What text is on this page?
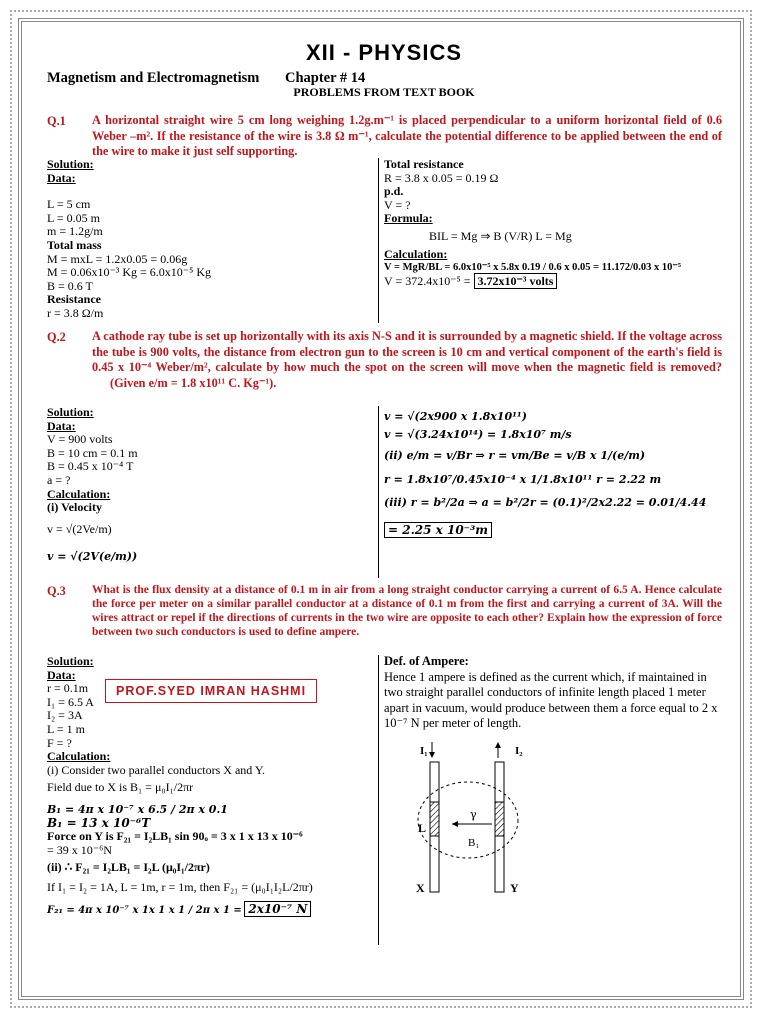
XII - PHYSICS
Magnetism and Electromagnetism Chapter # 14
PROBLEMS FROM TEXT BOOK
Q.1 A horizontal straight wire 5 cm long weighing 1.2g.m⁻¹ is placed perpendicular to a uniform horizontal field of 0.6 Weber –m². If the resistance of the wire is 3.8 Ω m⁻¹, calculate the potential difference to be applied between the end of the wire to make it just self supporting.
Solution:
Data:
L = 5 cm
L = 0.05 m
m = 1.2g/m
Total mass
M = mxL = 1.2x0.05 = 0.06g
M = 0.06x10⁻³ Kg = 6.0x10⁻⁵ Kg
B = 0.6 T
Resistance
r = 3.8 Ω/m
Total resistance
R = 3.8 x 0.05 = 0.19 Ω
p.d.
V = ?
Formula:
BIL = Mg ⇒ B (V/R) L = Mg
Calculation:
V = MgR/BL = 6.0x10⁻⁵ x 5.8x 0.19 / 0.6 x 0.05 = 11.172/0.03 x 10⁻⁵
V = 372.4x10⁻⁵ = 3.72x10⁻³ volts
Q.2 A cathode ray tube is set up horizontally with its axis N-S and it is surrounded by a magnetic shield. If the voltage across the tube is 900 volts, the distance from electron gun to the screen is 10 cm and vertical component of the earth's field is 0.45 x 10⁻⁴ Weber/m², calculate by how much the spot on the screen will move when the magnetic field is removed? (Given e/m = 1.8 x10¹¹ C. Kg⁻¹).
Solution:
Data:
V = 900 volts
B = 10 cm = 0.1 m
B = 0.45 x 10⁻⁴ T
a = ?
Calculation:
(i) Velocity
v = √(2Ve/m)
v = √(2V(e/m))
v = √(2x900 x 1.8x10¹¹)
v = √(3.24x10¹⁴) = 1.8x10⁷ m/s
(ii) e/m = v/Br ⇒ r = vm/Be = v/B x 1/(e/m)
r = 1.8x10⁷/0.45x10⁻⁴ x 1/1.8x10¹¹ r = 2.22 m
(iii) r = b²/2a ⇒ a = b²/2r = (0.1)²/2x2.22 = 0.01/4.44
= 2.25 x 10⁻³m
Q.3 What is the flux density at a distance of 0.1 m in air from a long straight conductor carrying a current of 6.5 A. Hence calculate the force per meter on a similar parallel conductor at a distance of 0.1 m from the first and carrying a current of 3A. Will the wires attract or repel if the directions of currents in the two wire are opposite to each other? Explain how the expression of force between two such conductors is used to define ampere.
Solution:
Data:
r = 0.1m
I₁ = 6.5 A
I₂ = 3A
L = 1 m
F = ?
Calculation:
(i) Consider two parallel conductors X and Y.
Field due to X is B₁ = μ₀I₁/2πr
B₁ = 4π x 10⁻⁷ x 6.5 / 2π x 0.1
B₁ = 13 x 10⁻⁶T
Force on Y is F₂₁ = I₂LB₁ sin 90ₒ = 3 x 1 x 13 x 10⁻⁶
= 39 x 10⁻⁶N
(ii) ∴ F₂₁ = I₂LB₁ = I₂L (μ₀I₁/2πr)
If I₁ = I₂ = 1A, L = 1m, r = 1m, then F₂₁ = (μ₀I₁I₂L/2πr)
F₂₁ = 4π x 10⁻⁷ x 1x 1 x 1 / 2π x 1 = 2x10⁻⁷ N
PROF.SYED IMRAN HASHMI
Def. of Ampere:
Hence 1 ampere is defined as the current which, if maintained in two straight parallel conductors of infinite length placed 1 meter apart in vacuum, would produce between them a force equal to 2 x 10⁻⁷ N per meter of length.
I₁	I₂
L
γ
B₁
X	Y
